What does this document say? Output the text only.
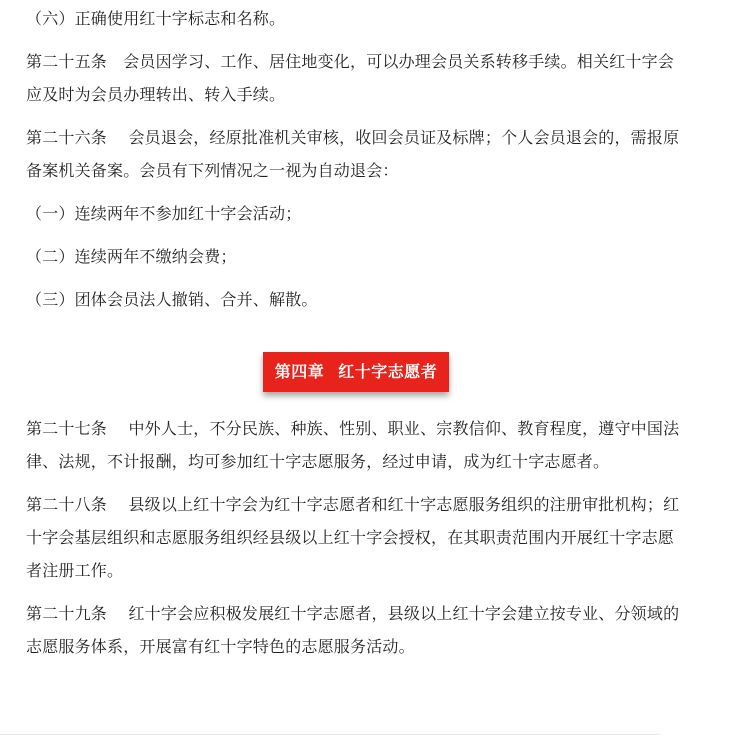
（六）正确使用红十字标志和名称。

第二十五条　会员因学习、工作、居住地变化，可以办理会员关系转移手续。相关红十字会应及时为会员办理转出、转入手续。

第二十六条　 会员退会，经原批准机关审核，收回会员证及标牌；个人会员退会的，需报原备案机关备案。会员有下列情况之一视为自动退会：

（一）连续两年不参加红十字会活动；

（二）连续两年不缴纳会费；

（三）团体会员法人撤销、合并、解散。

第四章 红十字志愿者

第二十七条　 中外人士，不分民族、种族、性别、职业、宗教信仰、教育程度，遵守中国法律、法规，不计报酬，均可参加红十字志愿服务，经过申请，成为红十字志愿者。

第二十八条　 县级以上红十字会为红十字志愿者和红十字志愿服务组织的注册审批机构；红十字会基层组织和志愿服务组织经县级以上红十字会授权，在其职责范围内开展红十字志愿者注册工作。

第二十九条　 红十字会应积极发展红十字志愿者，县级以上红十字会建立按专业、分领域的志愿服务体系，开展富有红十字特色的志愿服务活动。
